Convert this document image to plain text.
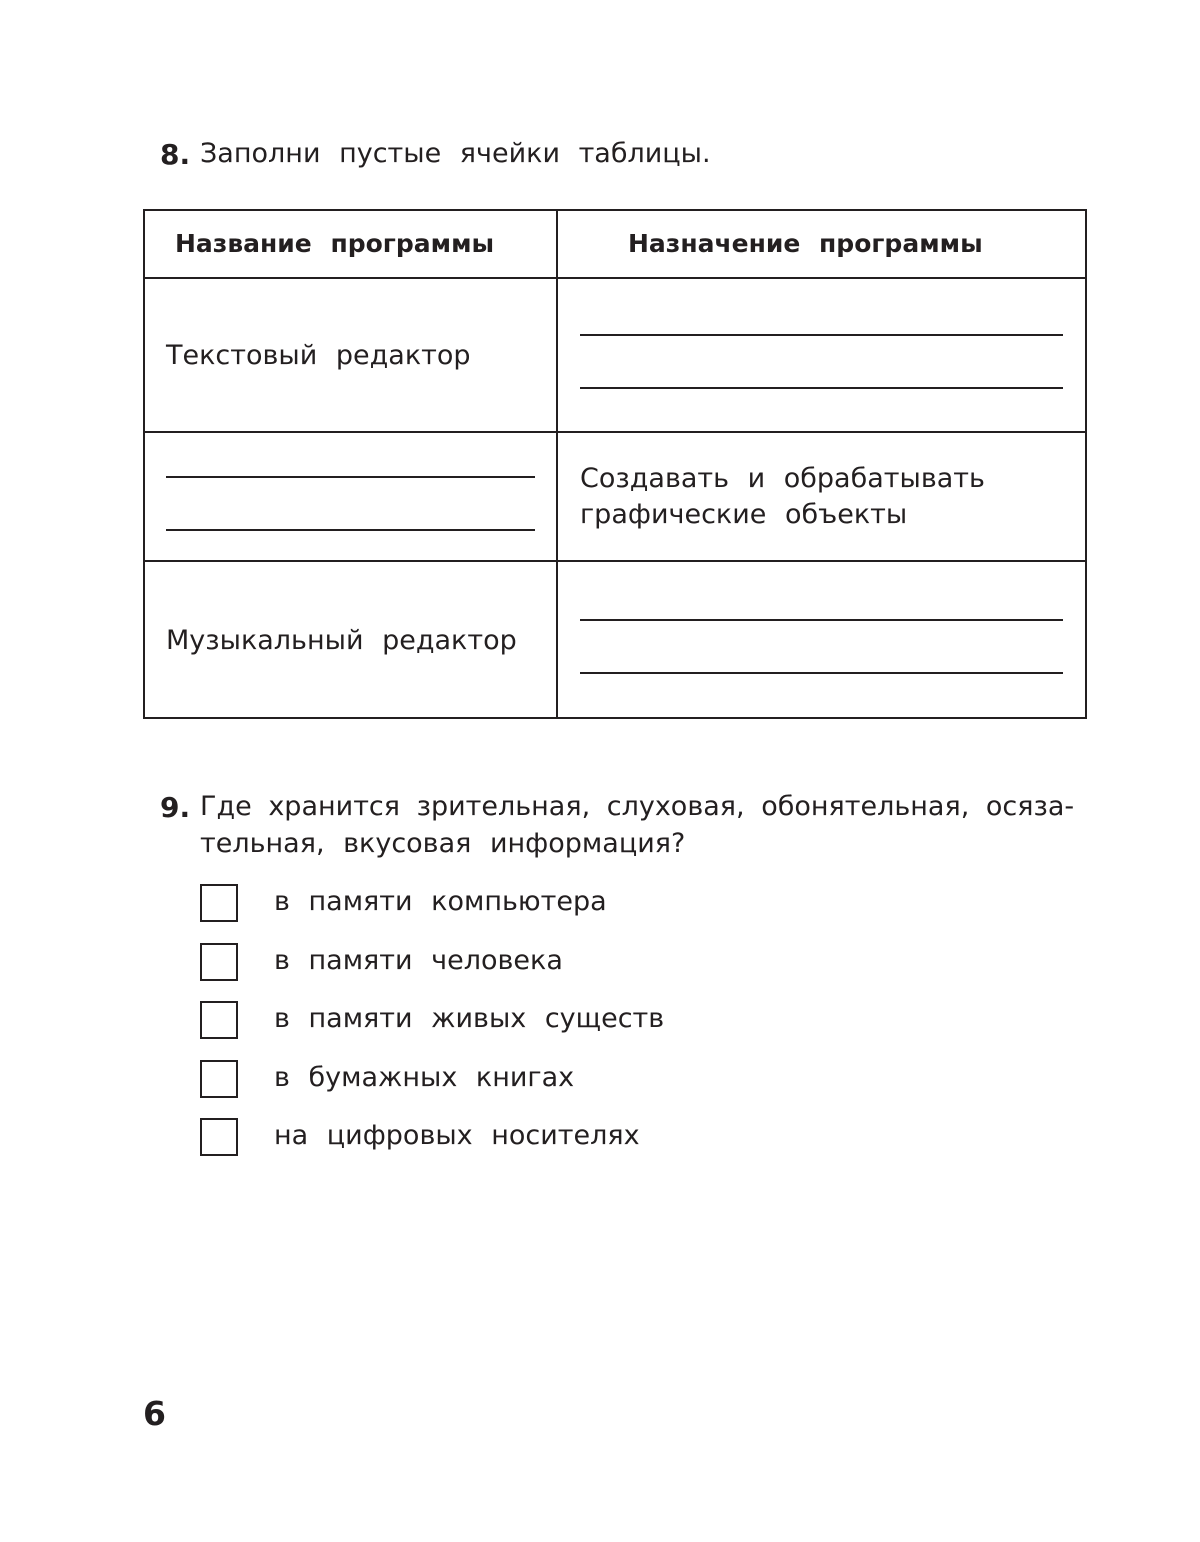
8. Заполни пустые ячейки таблицы.
Название программы	Назначение программы
Текстовый редактор
Создавать и обрабатывать
графические объекты
Музыкальный редактор
9. Где хранится зрительная, слуховая, обонятельная, осяза-
тельная, вкусовая информация?
в памяти компьютера
в памяти человека
в памяти живых существ
в бумажных книгах
на цифровых носителях
6
